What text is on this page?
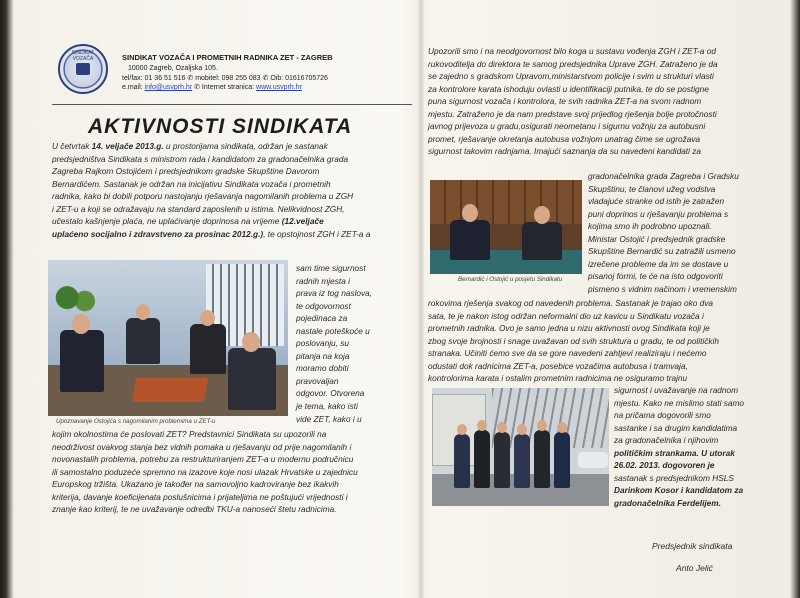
SINDIKAT VOZAČA	SINDIKAT VOZAČA I PROMETNIH RADNIKA ZET - ZAGREB
10000 Zagreb, Ozaljska 105.
tel/fax: 01 36 51 516 ✆ mobitel: 098 255 083 ✆ Oib: 01616705726
e.mail: info@usvprh.hr ✆ Internet stranica: www.usvprh.hr
AKTIVNOSTI SINDIKATA
U četvrtak 14. veljače 2013.g. u prostorijama sindikata, održan je sastanak
predsjedništva Sindikata s ministrom rada i kandidatom za gradonačelnika grada
Zagreba Rajkom Ostojićem i predsjednikom gradske Skupštine Davorom
Bernardićem. Sastanak je održan na inicijativu Sindikata vozača i prometnih
radnika, kako bi dobili potporu nastojanju rješavanja nagomilanih problema u ZGH
i ZET-u a koji se odražavaju na standard zaposlenih u istima. Nelikvidnost ZGH,
učestalo kašnjenje plaća, ne uplaćivanje doprinosa na vrijeme (12.veljače
uplaćeno socijalno i zdravstveno za prosinac 2012.g.), te opstojnost ZGH i ZET-a a
Upoznavanje Ostojića s nagomilanim problemima u ZET-u
sam time sigurnost
radnih mjesta i
prava iz tog naslova,
te odgovornost
pojedinaca za
nastale poteškoće u
poslovanju, su
pitanja na koja
moramo dobiti
pravovaljan
odgovor. Otvorena
je tema, kako isti
vide ZET, kako i u
kojim okolnostima će poslovati ZET? Predstavnici Sindikata su upozorili na
neodrživost ovakvog stanja bez vidnih pomaka u rješavanju od prije nagomilanih i
novonastalih problema, potrebu za restrukturiranjem ZET-a u modernu područnicu
ili samostalno poduzeće spremno na izazove koje nosi ulazak Hrvatske u zajednicu
Europskog tržišta. Ukazano je također na samovoljno kadroviranje bez ikakvih
kriterija, davanje koeficijenata poslušnicima i prijateljima ne poštujući vrijednosti i
znanje kao kriterij, te ne uvažavanje odredbi TKU-a nanoseći štetu radnicima.
Upozorili smo i na neodgovornost bilo koga u sustavu vođenja ZGH i ZET-a od
rukovoditelja do direktora te samog predsjednika Uprave ZGH. Zatraženo je da
se zajedno s gradskom Upravom,ministarstvom policije i svim u strukturi vlasti
za kontrolore karata ishoduju ovlasti u identifikaciji putnika, te do se postigne
puna sigurnost vozača i kontrolora, te svih radnika ZET-a na svom radnom
mjestu. Zatraženo je da nam predstave svoj prijedlog rješenja bolje protočnosti
javnog prijevoza u gradu,osigurati neometanu i sigurnu vožnju za autobusni
promet, rješavanje okretanja autobusa vožnjom unatrag čime se ugrožava
sigurnost takovim radnjama. Imajući saznanja da su navedeni kandidati za
Bernardić i Ostojić u posjetu Sindikatu
gradonačelnika grada Zagreba i Gradsku
Skupštinu, te članovi užeg vodstva
vladajuće stranke od istih je zatražen
puni doprinos u rješavanju problema s
kojima smo ih podrobno upoznali.
Ministar Ostojić i predsjednik gradske
Skupštine Bernardić su zatražili usmeno
izrečene probleme da im se dostave u
pisanoj formi, te će na isto odgovoriti
pismeno s vidnim načinom i vremenskim
rokovima rješenja svakog od navedenih problema. Sastanak je trajao oko dva
sata, te je nakon istog održan neformalni dio uz kavicu u Sindikatu vozača i
prometnih radnika. Ovo je samo jedna u nizu aktivnosti ovog Sindikata koji je
zbog svoje brojnosti i snage uvažavan od svih struktura u gradu, te od političkih
stranaka. Učiniti ćemo sve da se gore navedeni zahtjevi realiziraju i nećemo
odustati dok radnicima ZET-a, posebice vozačima autobusa i tramvaja,
kontrolorima karata i ostalim prometnim radnicima ne osiguramo trajnu
sigurnost i uvažavanje na radnom
mjestu. Kako ne mislimo stati samo
na pričama dogovorili smo
sastanke i sa drugim kandidatima
za gradonačelnika i njihovim
političkim strankama. U utorak
26.02. 2013. dogovoren je
sastanak s predsjednikom HSLS
Darinkom Kosor i kandidatom za
gradonačelnika Ferdelijem.
Predsjednik sindikata
Anto Jelić
